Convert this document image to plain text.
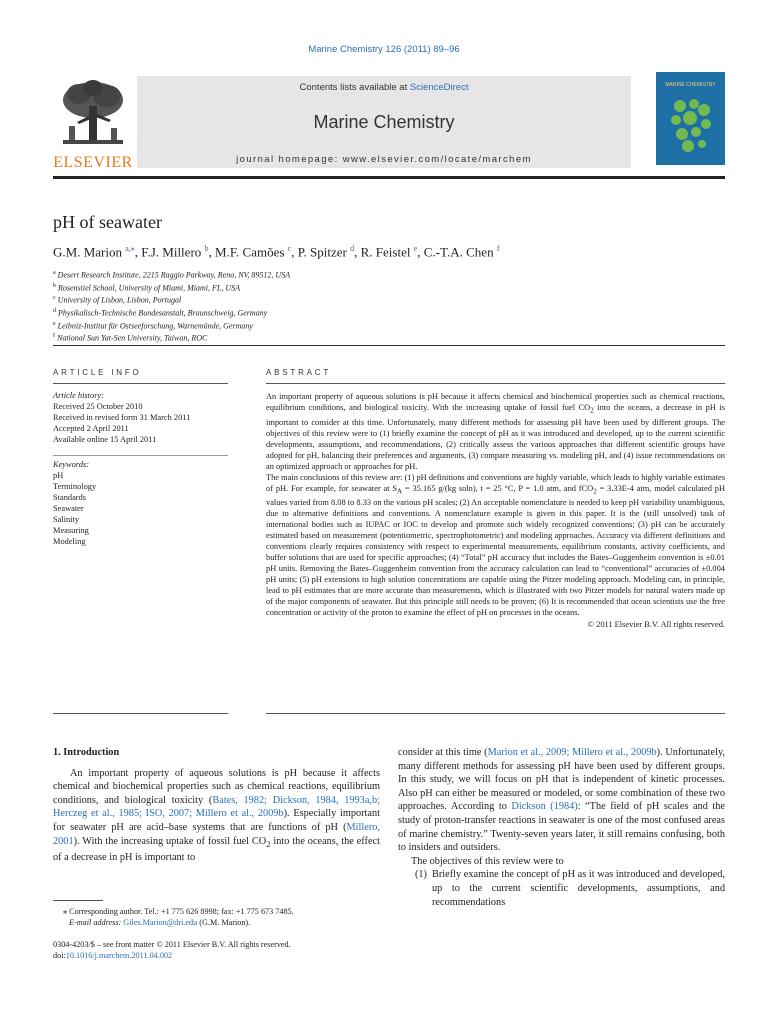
Marine Chemistry 126 (2011) 89–96
ELSEVIER
Contents lists available at ScienceDirect
Marine Chemistry
journal homepage: www.elsevier.com/locate/marchem
MARINE CHEMISTRY
pH of seawater
G.M. Marion $^{a,⁎}$, F.J. Millero $^b$, M.F. Camões $^c$, P. Spitzer $^d$, R. Feistel $^e$, C.-T.A. Chen $^f$
$^a$ Desert Research Institute, 2215 Raggio Parkway, Reno, NV, 89512, USA
$^b$ Rosenstiel School, University of Miami, Miami, FL, USA
$^c$ University of Lisbon, Lisbon, Portugal
$^d$ Physikalisch-Technische Bundesanstalt, Braunschweig, Germany
$^e$ Leibniz-Institut für Ostseeforschung, Warnemünde, Germany
$^f$ National Sun Yat-Sen University, Taiwan, ROC
ARTICLE INFO	ABSTRACT
Article history:
Received 25 October 2010
Received in revised form 31 March 2011
Accepted 2 April 2011
Available online 15 April 2011
Keywords:
pH
Terminology
Standards
Seawater
Salinity
Measuring
Modeling

An important property of aqueous solutions is pH because it affects chemical and biochemical properties such as chemical reactions, equilibrium conditions, and biological toxicity. With the increasing uptake of fossil fuel $CO_2$ into the oceans, a decrease in pH is important to consider at this time. Unfortunately, many different methods for assessing pH have been used by different groups. The objectives of this review were to (1) briefly examine the concept of pH as it was introduced and developed, up to the current scientific developments, assumptions, and recommendations, (2) critically assess the various approaches that different scientific groups have adopted for pH, balancing their preferences and arguments, (3) compare measuring vs. modeling pH, and (4) issue recommendations on an optimized approach or approaches for pH.

The main conclusions of this review are: (1) pH definitions and conventions are highly variable, which leads to highly variable estimates of pH. For example, for seawater at $S_A = 35.165$ g/(kg soln), t = 25 °C, P = 1.0 atm, and fCO$_2$ = 3.33E-4 atm, model calculated pH values varied from 8.08 to 8.33 on the various pH scales; (2) An acceptable nomenclature is needed to keep pH variability unambiguous, due to alternative definitions and conventions. A nomenclature example is given in this paper. It is the (still unsolved) task of international bodies such as IUPAC or IOC to develop and promote such widely recognized conventions; (3) pH can be accurately estimated based on measurement (potentiometric, spectrophotometric) and modeling approaches. Accuracy via different definitions and conventions clearly requires consistency with respect to experimental measurements, equilibrium constants, activity coefficients, and buffer solutions that are used for specific approaches; (4) “Total” pH accuracy that includes the Bates–Guggenheim convention is ±0.01 pH units. Removing the Bates–Guggenheim convention from the accuracy calculation can lead to “conventional” accuracies of ±0.004 pH units; (5) pH extensions to high solution concentrations are capable using the Pitzer modeling approach. Modeling can, in principle, lead to pH estimates that are more accurate than measurements, which is illustrated with two Pitzer models for natural waters made up of the major components of seawater. But this principle still needs to be proven; (6) It is recommended that ocean scientists use the free concentration or activity of the proton to examine the effect of pH on processes in the oceans.

© 2011 Elsevier B.V. All rights reserved.
1. Introduction

An important property of aqueous solutions is pH because it affects chemical and biochemical properties such as chemical reactions, equilibrium conditions, and biological toxicity (Bates, 1982; Dickson, 1984, 1993a,b; Herczeg et al., 1985; ISO, 2007; Millero et al., 2009b). Especially important for seawater pH are acid–base systems that are functions of pH (Millero, 2001). With the increasing uptake of fossil fuel $CO_2$ into the oceans, the effect of a decrease in pH is important to

⁎ Corresponding author. Tel.: +1 775 626 8998; fax: +1 775 673 7485.
E-mail address: Giles.Marion@dri.edu (G.M. Marion).
0304-4203/$ – see front matter © 2011 Elsevier B.V. All rights reserved.
doi:10.1016/j.marchem.2011.04.002

consider at this time (Marion et al., 2009; Millero et al., 2009b). Unfortunately, many different methods for assessing pH have been used by different groups. In this study, we will focus on pH that is independent of kinetic processes. Also pH can either be measured or modeled, or some combination of these two approaches. According to Dickson (1984): “The field of pH scales and the study of proton-transfer reactions in seawater is one of the most confused areas of marine chemistry.” Twenty-seven years later, it still remains confusing, both to insiders and outsiders.

The objectives of this review were to

(1) Briefly examine the concept of pH as it was introduced and developed, up to the current scientific developments, assumptions, and recommendations
